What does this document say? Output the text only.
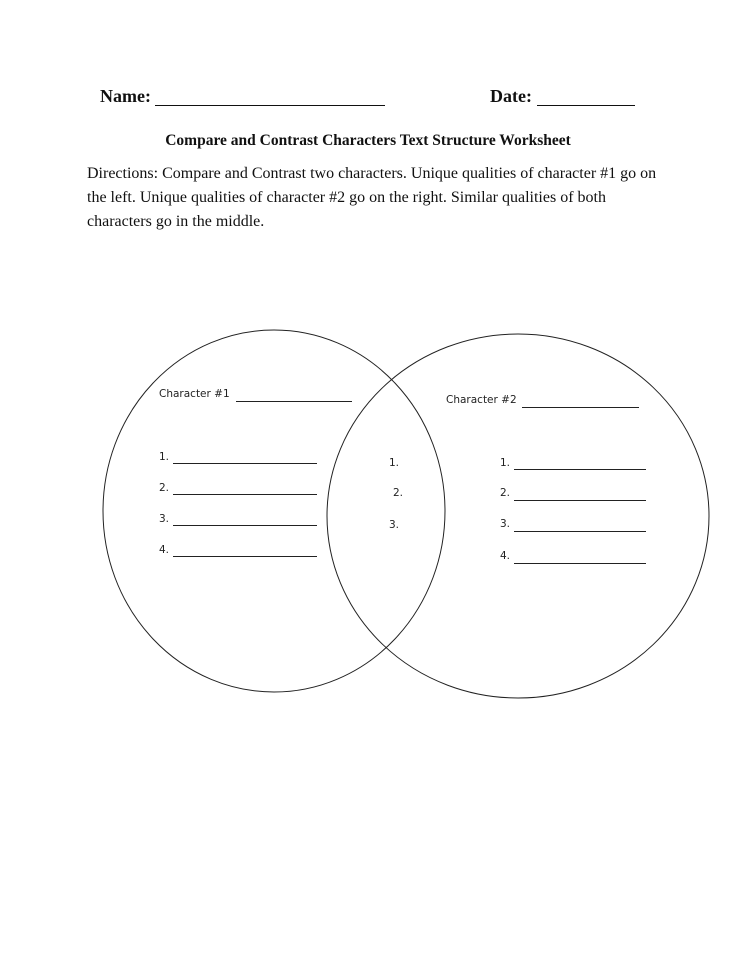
Name:	Date:
Compare and Contrast Characters Text Structure Worksheet
Directions: Compare and Contrast two characters. Unique qualities of character #1 go on the left. Unique qualities of character #2 go on the right. Similar qualities of both characters go in the middle.
Character #1
1.
2.
3.
4.
1.
2.
3.
Character #2
1.
2.
3.
4.
